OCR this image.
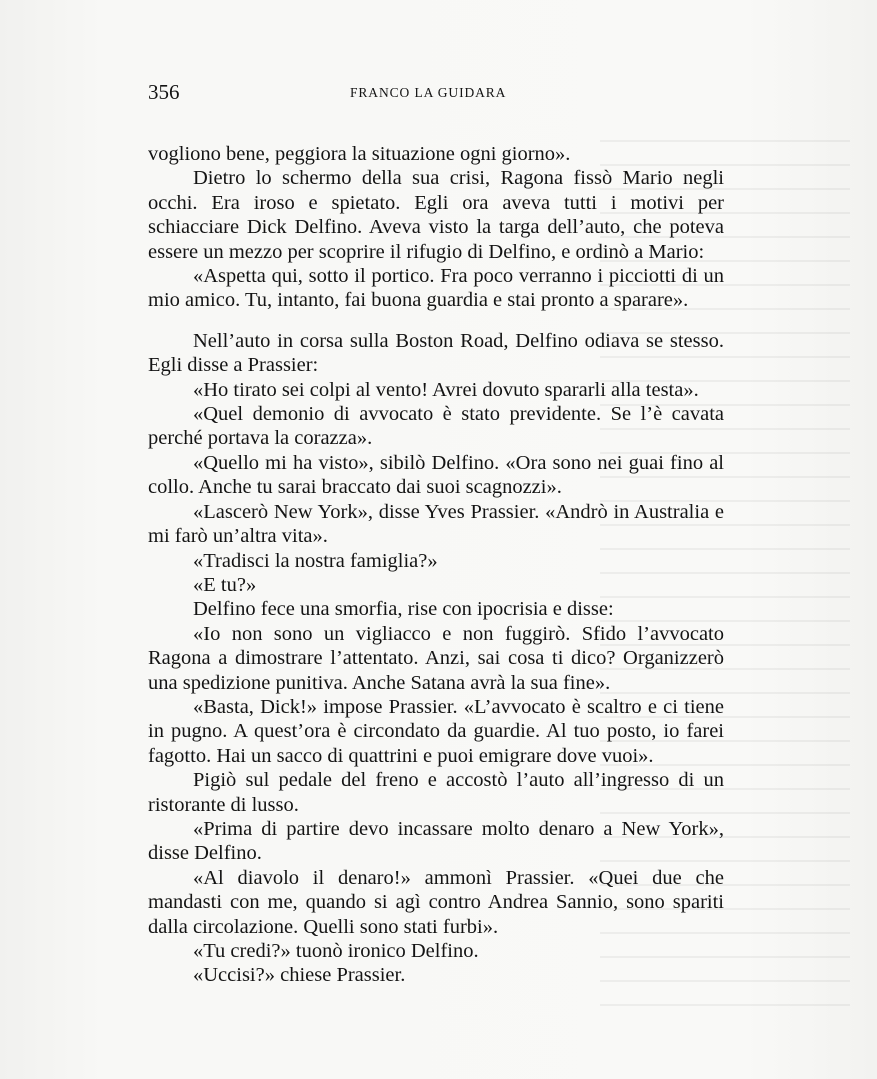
356	FRANCO LA GUIDARA

vogliono bene, peggiora la situazione ogni giorno».

Dietro lo schermo della sua crisi, Ragona fissò Mario negli occhi. Era iroso e spietato. Egli ora aveva tutti i motivi per schiacciare Dick Delfino. Aveva visto la targa dell’auto, che poteva essere un mezzo per scoprire il rifugio di Delfino, e ordinò a Mario:

«Aspetta qui, sotto il portico. Fra poco verranno i picciotti di un mio amico. Tu, intanto, fai buona guardia e stai pronto a sparare».

Nell’auto in corsa sulla Boston Road, Delfino odiava se stesso. Egli disse a Prassier:

«Ho tirato sei colpi al vento! Avrei dovuto spararli alla testa».

«Quel demonio di avvocato è stato previdente. Se l’è cavata perché portava la corazza».

«Quello mi ha visto», sibilò Delfino. «Ora sono nei guai fino al collo. Anche tu sarai braccato dai suoi scagnozzi».

«Lascerò New York», disse Yves Prassier. «Andrò in Australia e mi farò un’altra vita».

«Tradisci la nostra famiglia?»

«E tu?»

Delfino fece una smorfia, rise con ipocrisia e disse:

«Io non sono un vigliacco e non fuggirò. Sfido l’avvocato Ragona a dimostrare l’attentato. Anzi, sai cosa ti dico? Organizzerò una spedizione punitiva. Anche Satana avrà la sua fine».

«Basta, Dick!» impose Prassier. «L’avvocato è scaltro e ci tiene in pugno. A quest’ora è circondato da guardie. Al tuo posto, io farei fagotto. Hai un sacco di quattrini e puoi emigrare dove vuoi».

Pigiò sul pedale del freno e accostò l’auto all’ingresso di un ristorante di lusso.

«Prima di partire devo incassare molto denaro a New York», disse Delfino.

«Al diavolo il denaro!» ammonì Prassier. «Quei due che mandasti con me, quando si agì contro Andrea Sannio, sono spariti dalla circolazione. Quelli sono stati furbi».

«Tu credi?» tuonò ironico Delfino.

«Uccisi?» chiese Prassier.
